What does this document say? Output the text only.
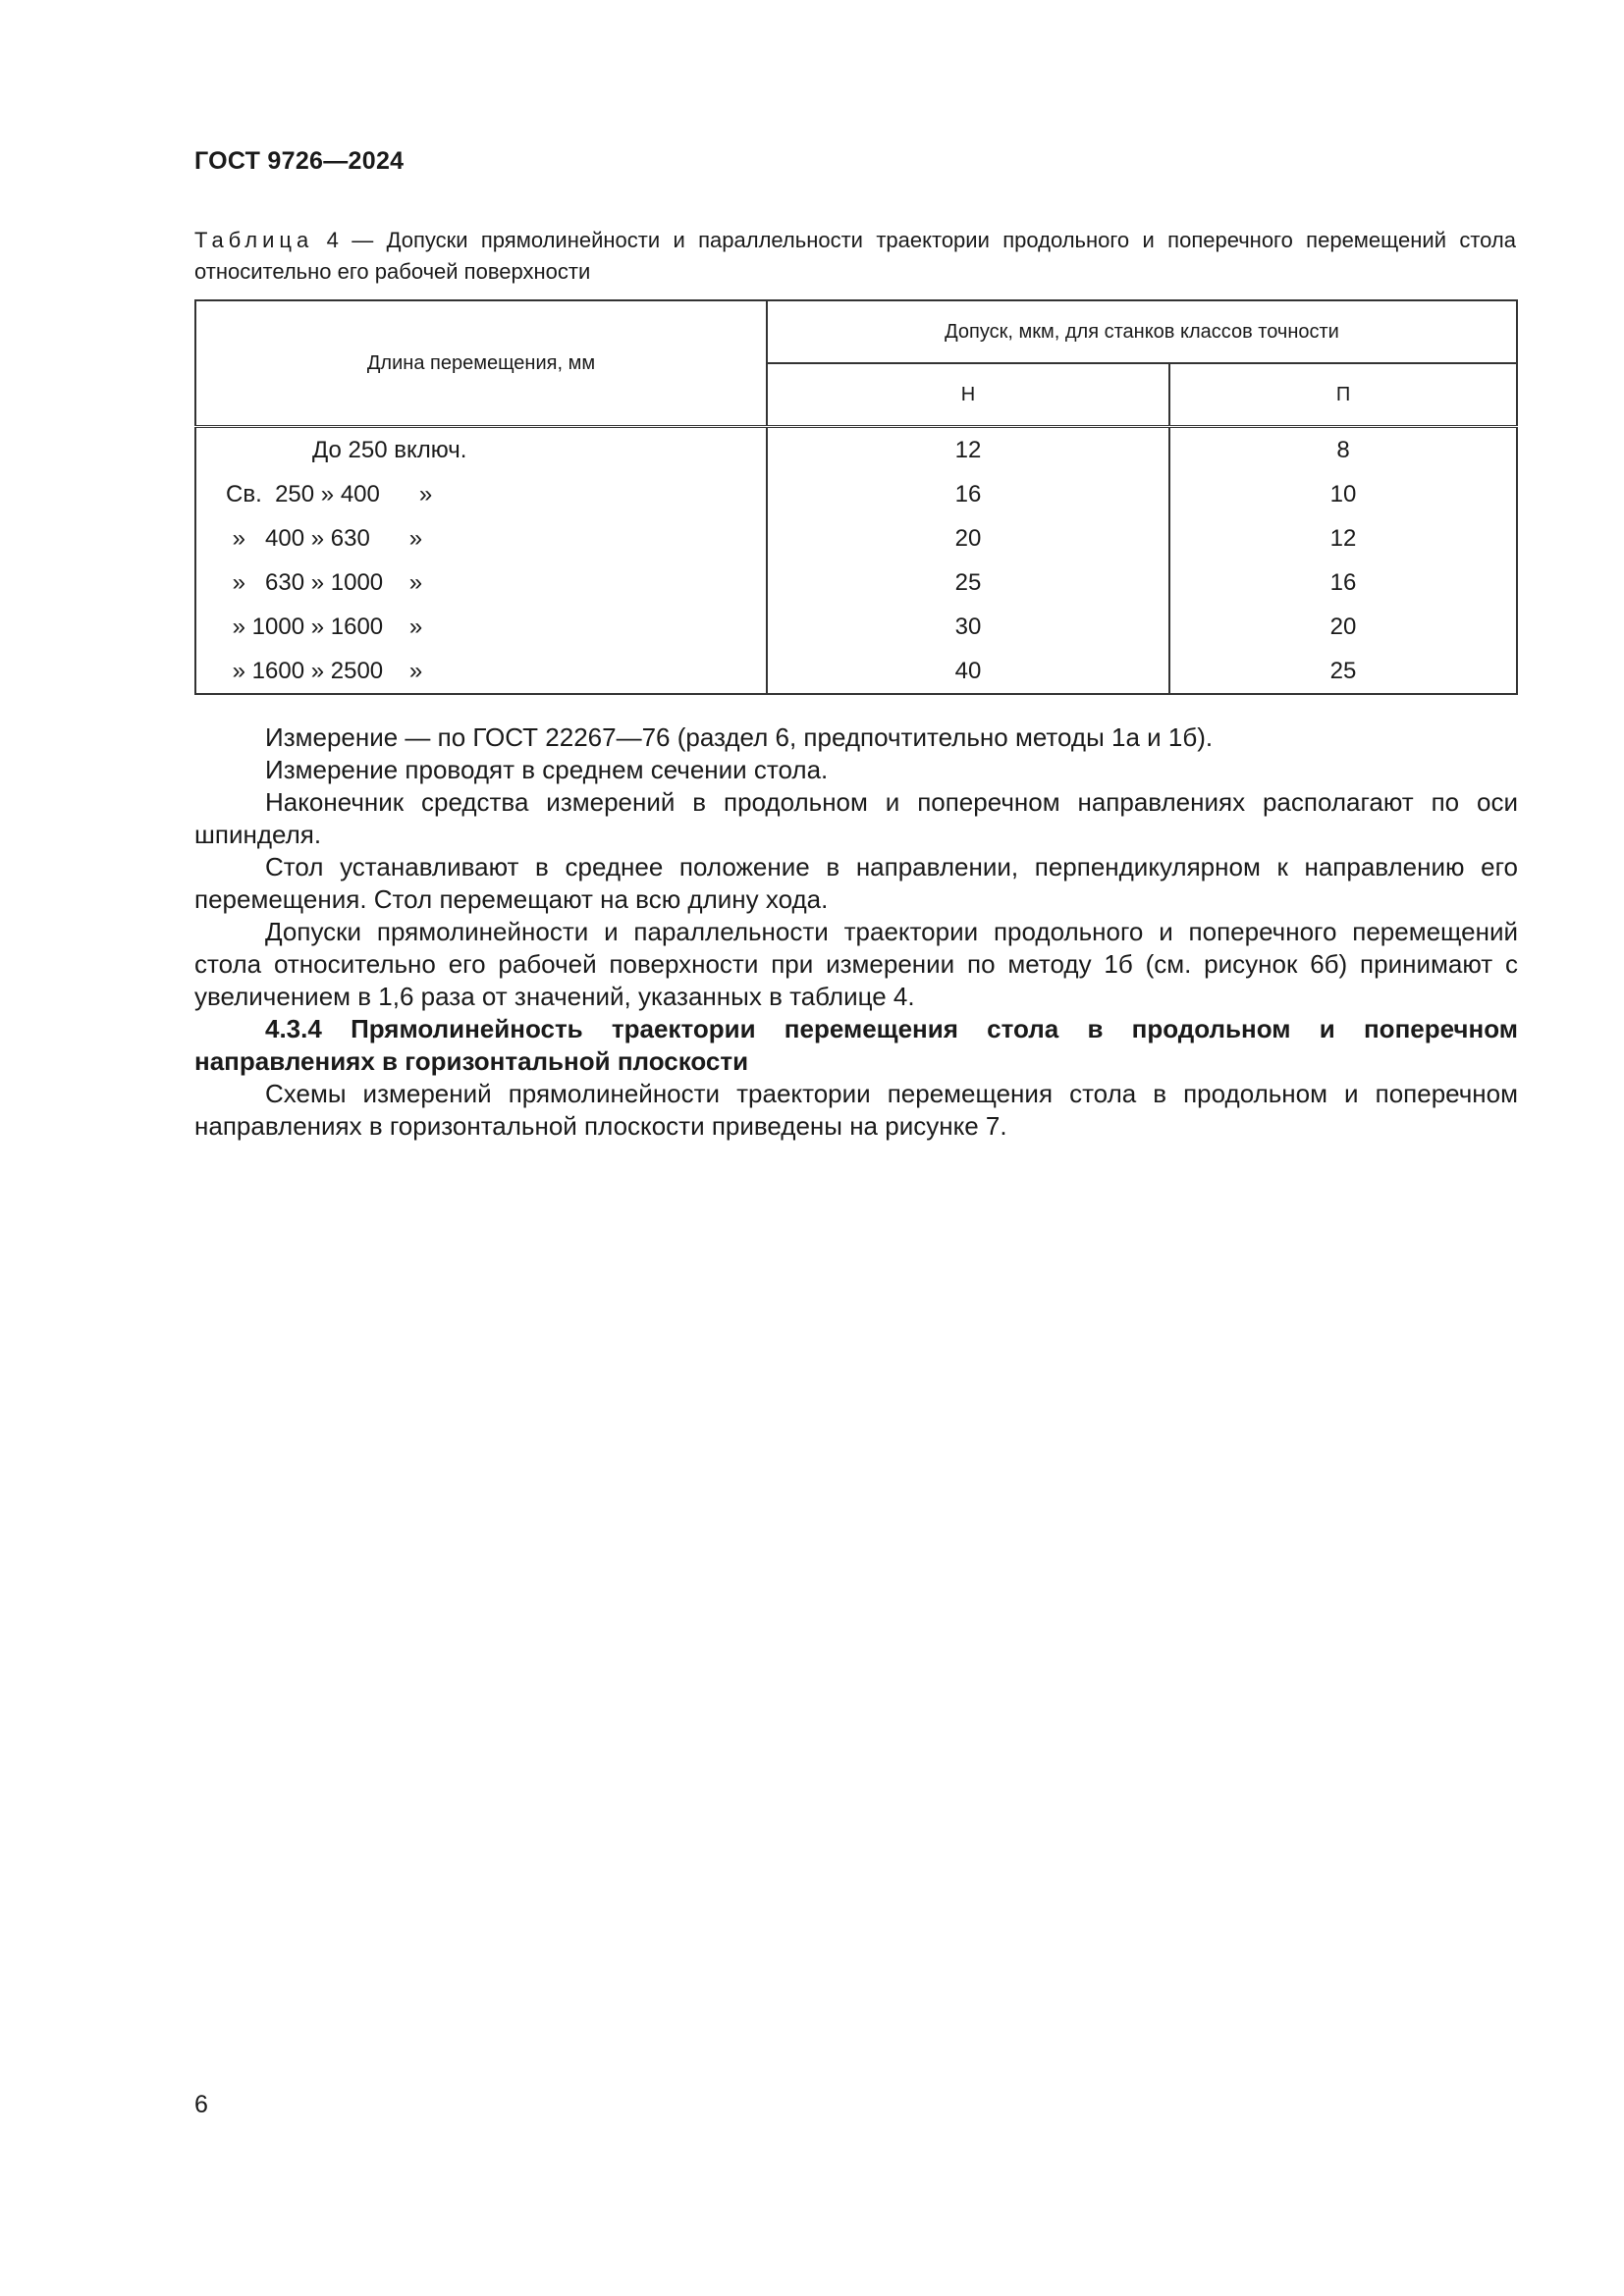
ГОСТ 9726—2024
Таблица 4 — Допуски прямолинейности и параллельности траектории продольного и поперечного перемещений стола относительно его рабочей поверхности
Длина перемещения, мм	Допуск, мкм, для станков классов точности	
	Н	П
До 250 включ.	12	8
Св.  250 » 400      »	16	10
»   400 » 630      »	20	12
»   630 » 1000    »	25	16
» 1000 » 1600    »	30	20
» 1600 » 2500    »	40	25

Измерение — по ГОСТ 22267—76 (раздел 6, предпочтительно методы 1а и 1б).

Измерение проводят в среднем сечении стола.

Наконечник средства измерений в продольном и поперечном направлениях располагают по оси шпинделя.

Стол устанавливают в среднее положение в направлении, перпендикулярном к направлению его перемещения. Стол перемещают на всю длину хода.

Допуски прямолинейности и параллельности траектории продольного и поперечного перемещений стола относительно его рабочей поверхности при измерении по методу 1б (см. рисунок 6б) принимают с увеличением в 1,6 раза от значений, указанных в таблице 4.

4.3.4 Прямолинейность траектории перемещения стола в продольном и поперечном направлениях в горизонтальной плоскости

Схемы измерений прямолинейности траектории перемещения стола в продольном и поперечном направлениях в горизонтальной плоскости приведены на рисунке 7.

6
